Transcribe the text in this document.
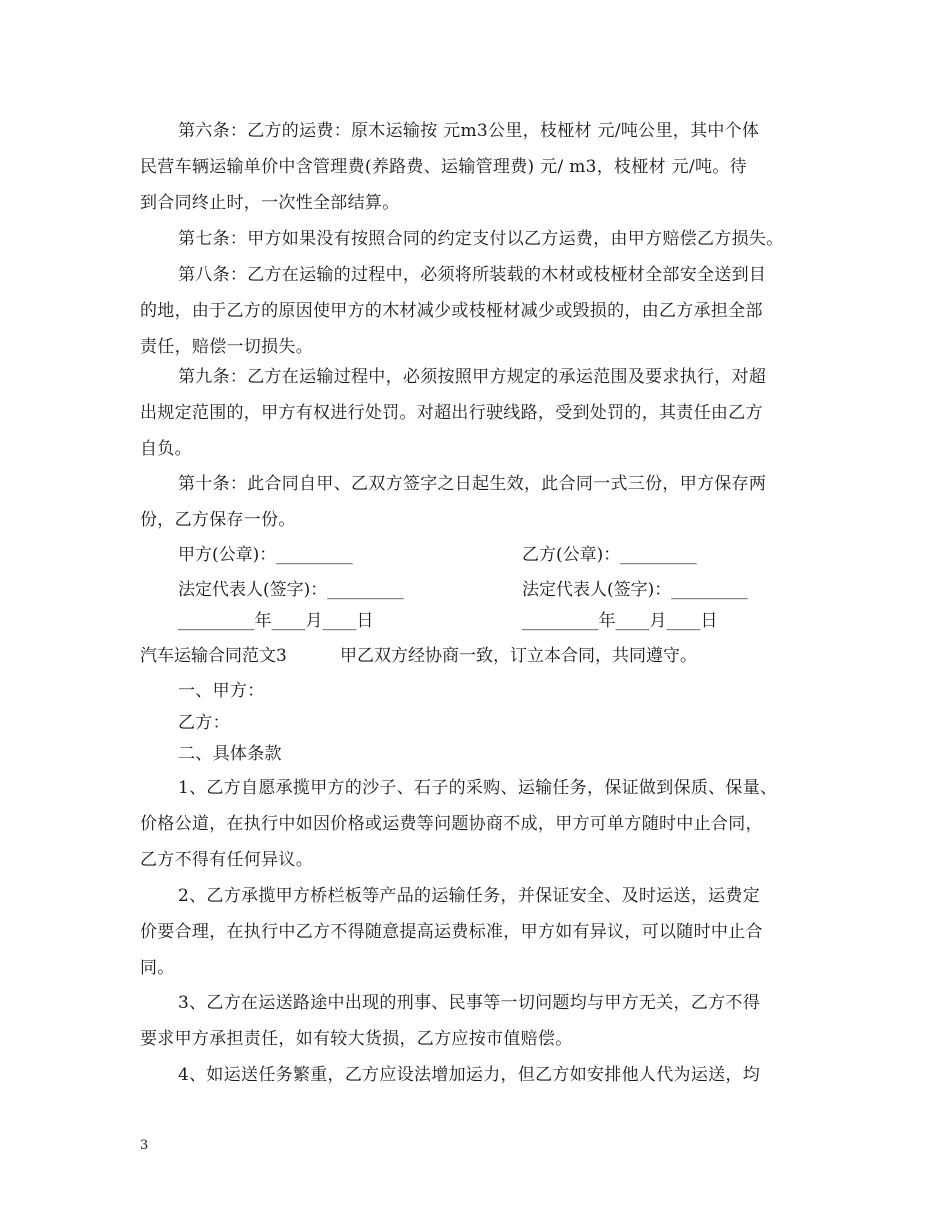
第六条：乙方的运费：原木运输按 元m3公里，枝桠材 元/吨公里，其中个体
民营车辆运输单价中含管理费(养路费、运输管理费) 元/ m3，枝桠材 元/吨。待
到合同终止时，一次性全部结算。
第七条：甲方如果没有按照合同的约定支付以乙方运费，由甲方赔偿乙方损失。
第八条：乙方在运输的过程中，必须将所装载的木材或枝桠材全部安全送到目
的地，由于乙方的原因使甲方的木材减少或枝桠材减少或毁损的，由乙方承担全部
责任，赔偿一切损失。
第九条：乙方在运输过程中，必须按照甲方规定的承运范围及要求执行，对超
出规定范围的，甲方有权进行处罚。对超出行驶线路，受到处罚的，其责任由乙方
自负。
第十条：此合同自甲、乙双方签字之日起生效，此合同一式三份，甲方保存两
份，乙方保存一份。
甲方(公章)：_________	乙方(公章)：_________
法定代表人(签字)：_________	法定代表人(签字)：_________
_________年____月____日	_________年____月____日
汽车运输合同范文3	甲乙双方经协商一致，订立本合同，共同遵守。
一、甲方：
乙方：
二、具体条款
1、乙方自愿承揽甲方的沙子、石子的采购、运输任务，保证做到保质、保量、
价格公道，在执行中如因价格或运费等问题协商不成，甲方可单方随时中止合同，
乙方不得有任何异议。
2、乙方承揽甲方桥栏板等产品的运输任务，并保证安全、及时运送，运费定
价要合理，在执行中乙方不得随意提高运费标准，甲方如有异议，可以随时中止合
同。
3、乙方在运送路途中出现的刑事、民事等一切问题均与甲方无关，乙方不得
要求甲方承担责任，如有较大货损，乙方应按市值赔偿。
4、如运送任务繁重，乙方应设法增加运力，但乙方如安排他人代为运送，均
3
